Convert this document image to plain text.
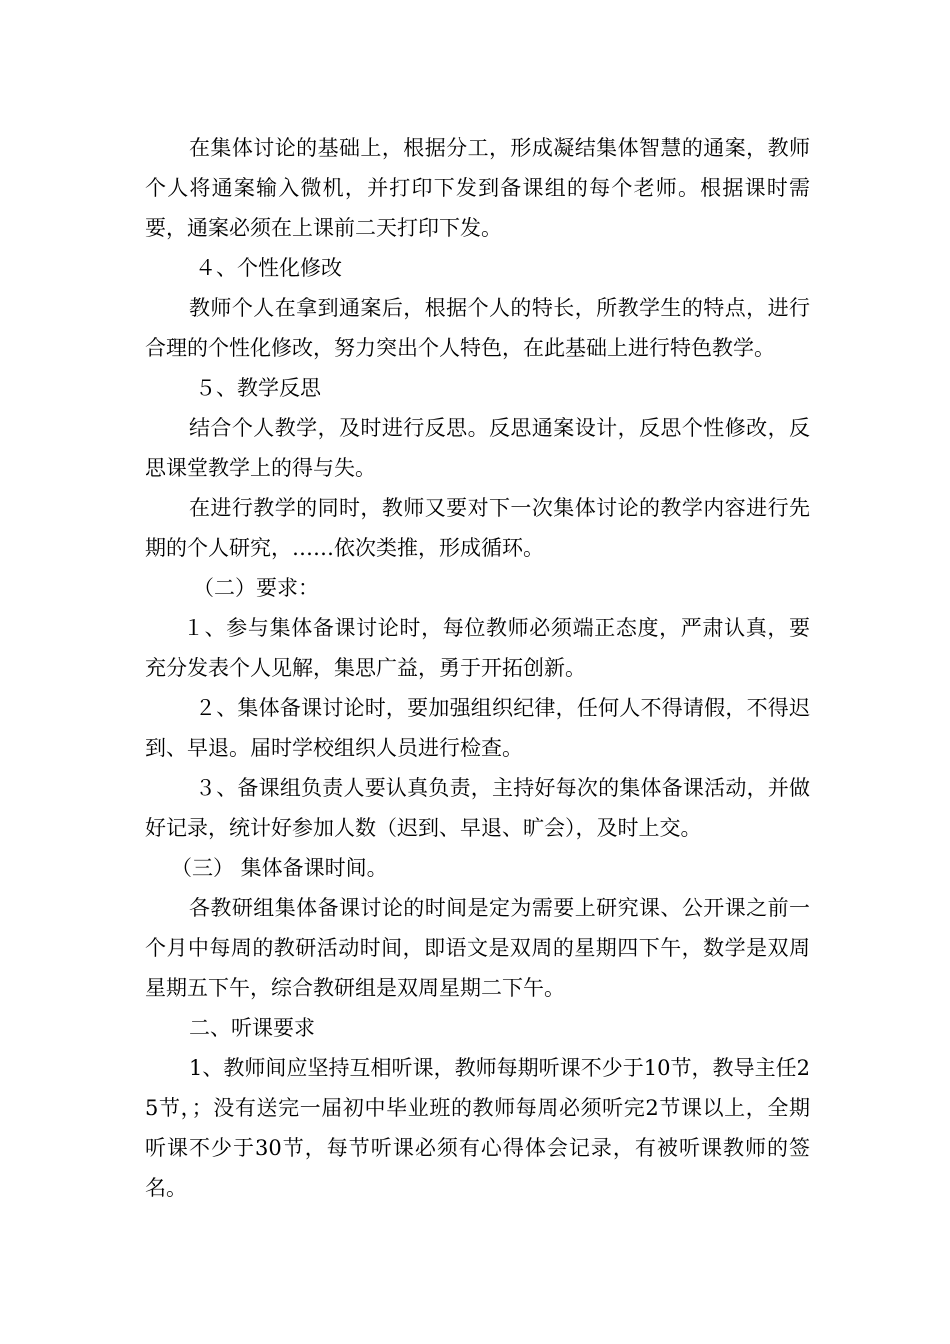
在集体讨论的基础上，根据分工，形成凝结集体智慧的通案，教师个人将通案输入微机，并打印下发到备课组的每个老师。根据课时需要，通案必须在上课前二天打印下发。

４、个性化修改

教师个人在拿到通案后，根据个人的特长，所教学生的特点，进行合理的个性化修改，努力突出个人特色，在此基础上进行特色教学。

５、教学反思

结合个人教学，及时进行反思。反思通案设计，反思个性修改，反思课堂教学上的得与失。

在进行教学的同时，教师又要对下一次集体讨论的教学内容进行先期的个人研究，……依次类推，形成循环。

（二）要求：

１、参与集体备课讨论时，每位教师必须端正态度，严肃认真，要充分发表个人见解，集思广益，勇于开拓创新。

２、集体备课讨论时，要加强组织纪律，任何人不得请假，不得迟到、早退。届时学校组织人员进行检查。

３、备课组负责人要认真负责，主持好每次的集体备课活动，并做好记录，统计好参加人数（迟到、早退、旷会），及时上交。

（三） 集体备课时间。

各教研组集体备课讨论的时间是定为需要上研究课、公开课之前一个月中每周的教研活动时间，即语文是双周的星期四下午，数学是双周星期五下午，综合教研组是双周星期二下午。

二、听课要求

1、教师间应坚持互相听课，教师每期听课不少于10节，教导主任25节，；没有送完一届初中毕业班的教师每周必须听完2节课以上，全期听课不少于30节，每节听课必须有心得体会记录，有被听课教师的签名。
